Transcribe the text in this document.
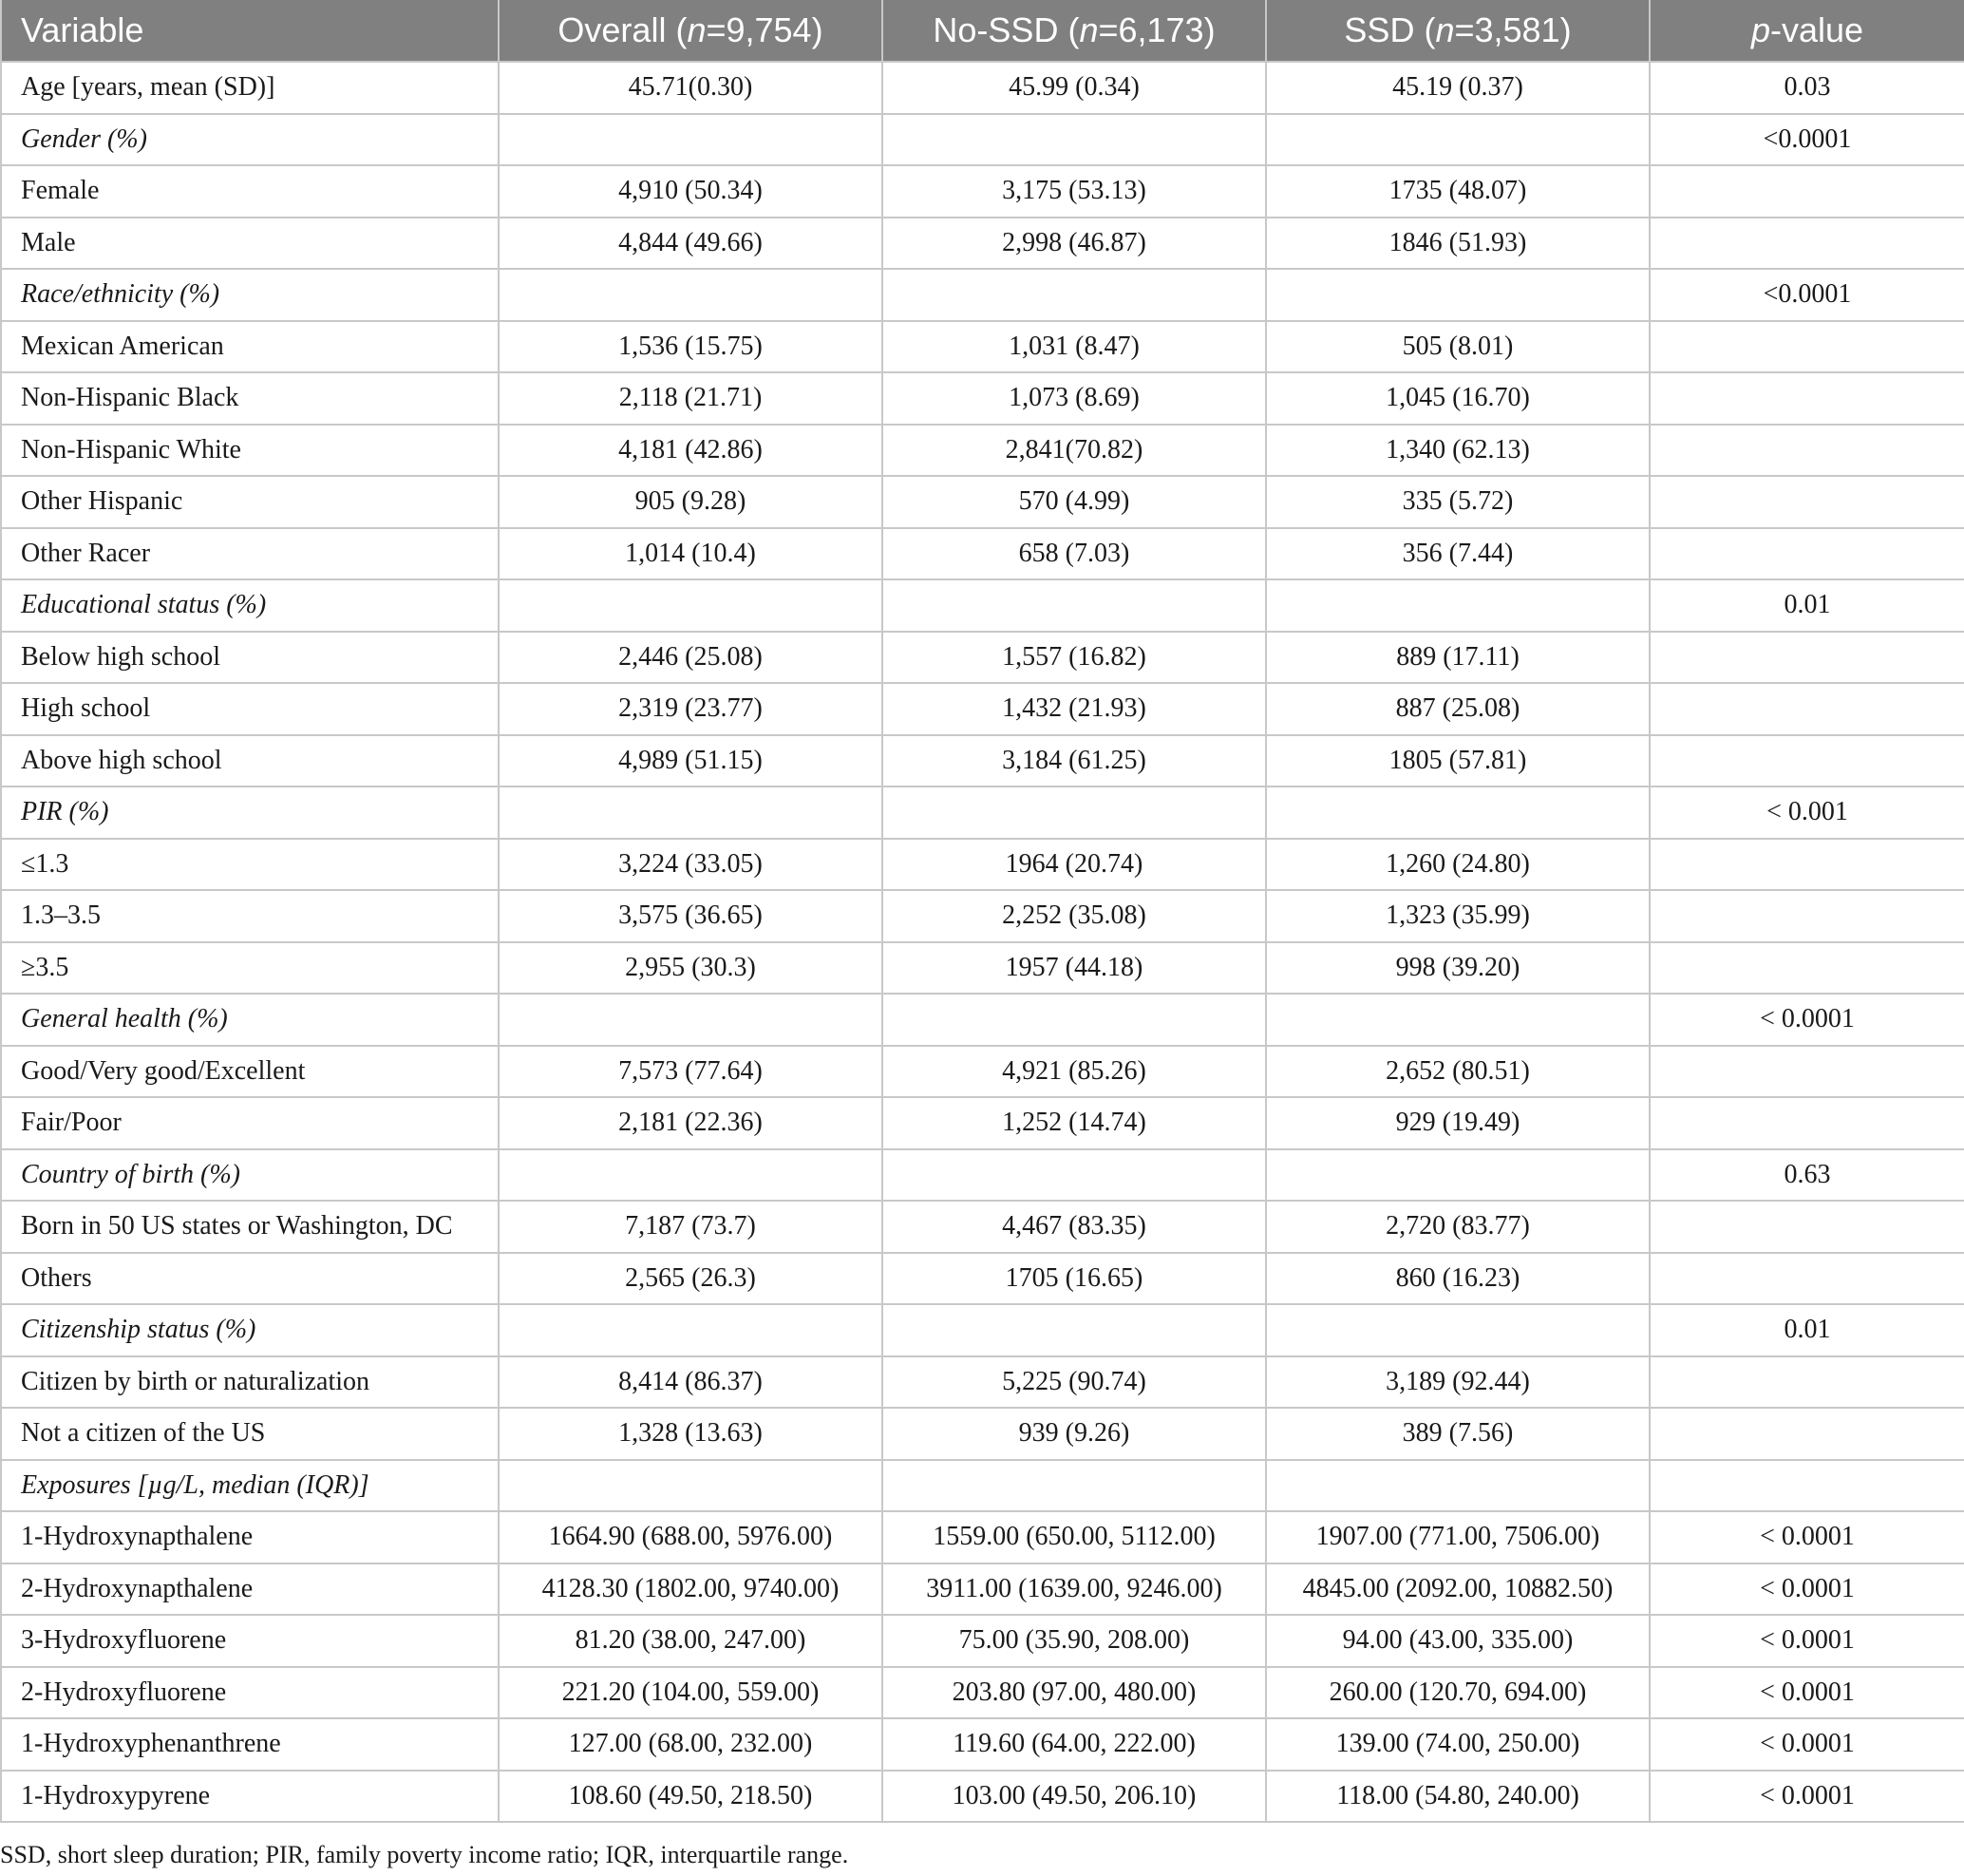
Variable	Overall (n=9,754)	No-SSD (n=6,173)	SSD (n=3,581)	p-value
Age [years, mean (SD)]	45.71(0.30)	45.99 (0.34)	45.19 (0.37)	0.03
Gender (%)				<0.0001
Female	4,910 (50.34)	3,175 (53.13)	1735 (48.07)	
Male	4,844 (49.66)	2,998 (46.87)	1846 (51.93)	
Race/ethnicity (%)				<0.0001
Mexican American	1,536 (15.75)	1,031 (8.47)	505 (8.01)	
Non-Hispanic Black	2,118 (21.71)	1,073 (8.69)	1,045 (16.70)	
Non-Hispanic White	4,181 (42.86)	2,841(70.82)	1,340 (62.13)	
Other Hispanic	905 (9.28)	570 (4.99)	335 (5.72)	
Other Racer	1,014 (10.4)	658 (7.03)	356 (7.44)	
Educational status (%)				0.01
Below high school	2,446 (25.08)	1,557 (16.82)	889 (17.11)	
High school	2,319 (23.77)	1,432 (21.93)	887 (25.08)	
Above high school	4,989 (51.15)	3,184 (61.25)	1805 (57.81)	
PIR (%)				< 0.001
≤1.3	3,224 (33.05)	1964 (20.74)	1,260 (24.80)	
1.3–3.5	3,575 (36.65)	2,252 (35.08)	1,323 (35.99)	
≥3.5	2,955 (30.3)	1957 (44.18)	998 (39.20)	
General health (%)				< 0.0001
Good/Very good/Excellent	7,573 (77.64)	4,921 (85.26)	2,652 (80.51)	
Fair/Poor	2,181 (22.36)	1,252 (14.74)	929 (19.49)	
Country of birth (%)				0.63
Born in 50 US states or Washington, DC	7,187 (73.7)	4,467 (83.35)	2,720 (83.77)	
Others	2,565 (26.3)	1705 (16.65)	860 (16.23)	
Citizenship status (%)				0.01
Citizen by birth or naturalization	8,414 (86.37)	5,225 (90.74)	3,189 (92.44)	
Not a citizen of the US	1,328 (13.63)	939 (9.26)	389 (7.56)	
Exposures [µg/L, median (IQR)]				
1-Hydroxynapthalene	1664.90 (688.00, 5976.00)	1559.00 (650.00, 5112.00)	1907.00 (771.00, 7506.00)	< 0.0001
2-Hydroxynapthalene	4128.30 (1802.00, 9740.00)	3911.00 (1639.00, 9246.00)	4845.00 (2092.00, 10882.50)	< 0.0001
3-Hydroxyfluorene	81.20 (38.00, 247.00)	75.00 (35.90, 208.00)	94.00 (43.00, 335.00)	< 0.0001
2-Hydroxyfluorene	221.20 (104.00, 559.00)	203.80 (97.00, 480.00)	260.00 (120.70, 694.00)	< 0.0001
1-Hydroxyphenanthrene	127.00 (68.00, 232.00)	119.60 (64.00, 222.00)	139.00 (74.00, 250.00)	< 0.0001
1-Hydroxypyrene	108.60 (49.50, 218.50)	103.00 (49.50, 206.10)	118.00 (54.80, 240.00)	< 0.0001
SSD, short sleep duration; PIR, family poverty income ratio; IQR, interquartile range.
